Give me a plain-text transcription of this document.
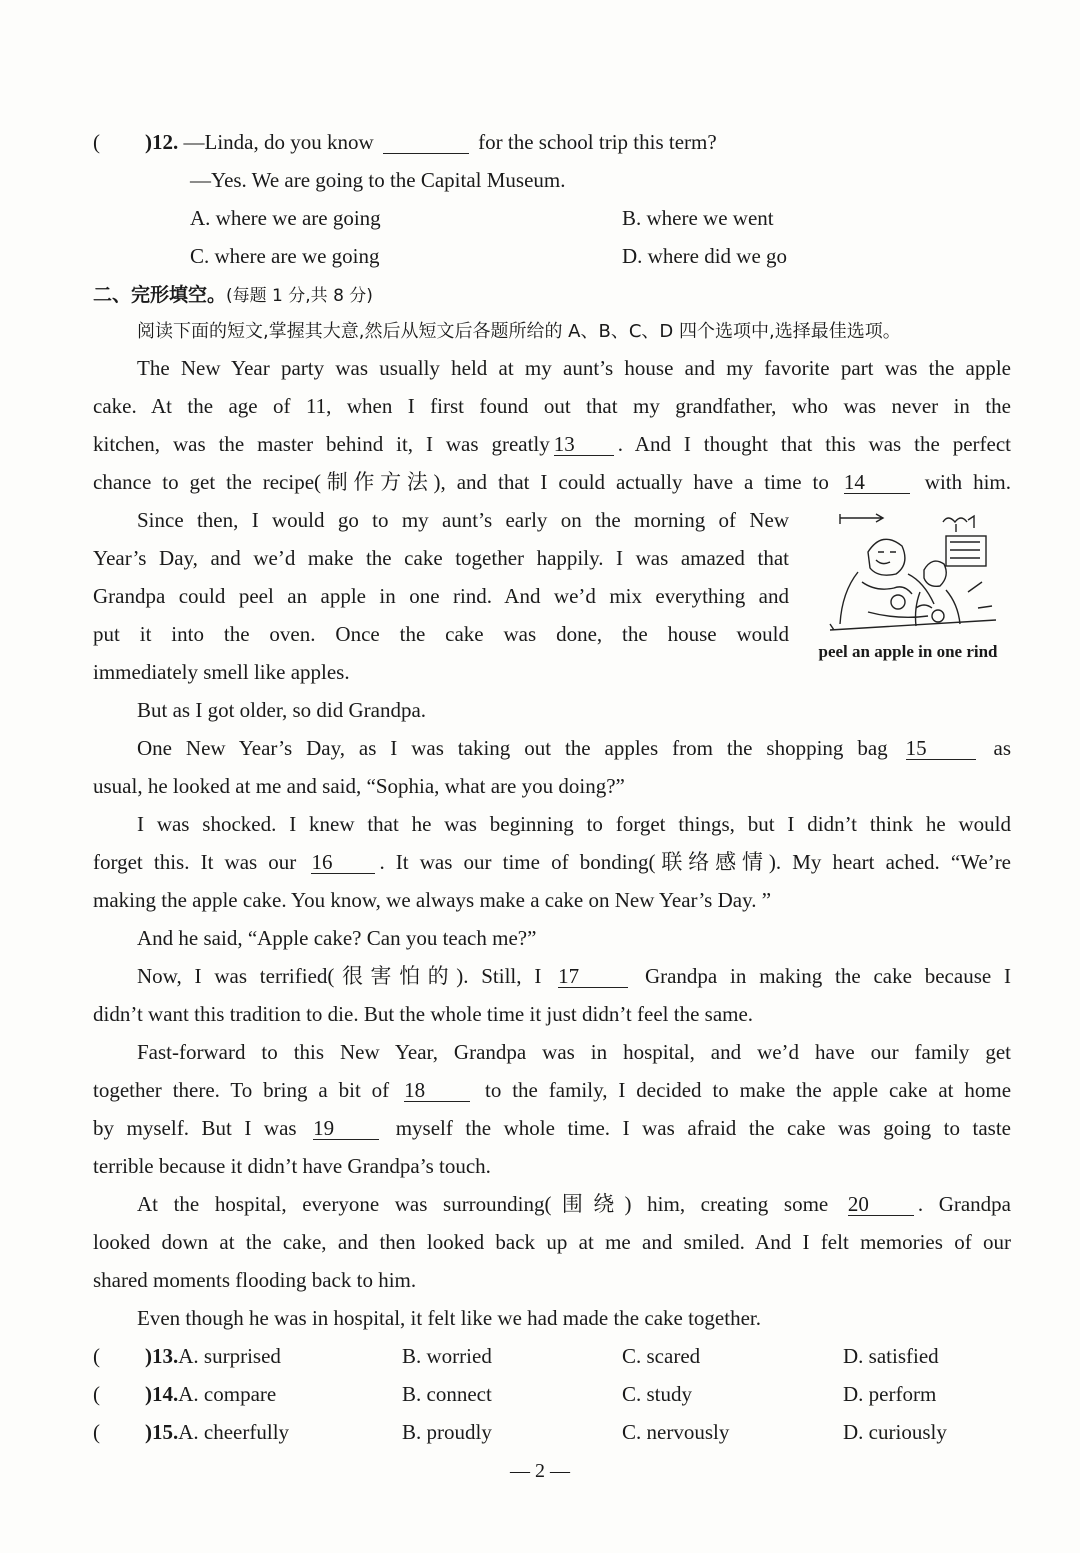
( )12. —Linda, do you know	for the school trip this term?
—Yes. We are going to the Capital Museum.
A. where we are going	B. where we went
C. where are we going	D. where did we go
二、完形填空。(每题 1 分,共 8 分)
阅读下面的短文,掌握其大意,然后从短文后各题所给的 A、B、C、D 四个选项中,选择最佳选项。
The New Year party was usually held at my aunt’s house and my favorite part was the apple
cake. At the age of 11, when I first found out that my grandfather, who was never in the
kitchen, was the master behind it, I was greatly 13 . And I thought that this was the perfect
chance to get the recipe(制作方法), and that I could actually have a time to 14	with him.
Since then, I would go to my aunt’s early on the morning of New
Year’s Day, and we’d make the cake together happily. I was amazed that
Grandpa could peel an apple in one rind. And we’d mix everything and
put it into the oven. Once the cake was done, the house would
immediately smell like apples.
peel an apple in one rind
But as I got older, so did Grandpa.
One New Year’s Day, as I was taking out the apples from the shopping bag 15	as
usual, he looked at me and said, “Sophia, what are you doing?”
I was shocked. I knew that he was beginning to forget things, but I didn’t think he would
forget this. It was our 16 . It was our time of bonding(联络感情). My heart ached. “We’re
making the apple cake. You know, we always make a cake on New Year’s Day. ”
And he said, “Apple cake? Can you teach me?”
Now, I was terrified(很害怕的). Still, I 17	Grandpa in making the cake because I
didn’t want this tradition to die. But the whole time it just didn’t feel the same.
Fast-forward to this New Year, Grandpa was in hospital, and we’d have our family get
together there. To bring a bit of 18	to the family, I decided to make the apple cake at home
by myself. But I was 19	myself the whole time. I was afraid the cake was going to taste
terrible because it didn’t have Grandpa’s touch.
At the hospital, everyone was surrounding(围绕) him, creating some 20 . Grandpa
looked down at the cake, and then looked back up at me and smiled. And I felt memories of our
shared moments flooding back to him.
Even though he was in hospital, it felt like we had made the cake together.
( )13.A. surprised	B. worried	C. scared	D. satisfied
( )14.A. compare	B. connect	C. study	D. perform
( )15.A. cheerfully	B. proudly	C. nervously	D. curiously
— 2 —
